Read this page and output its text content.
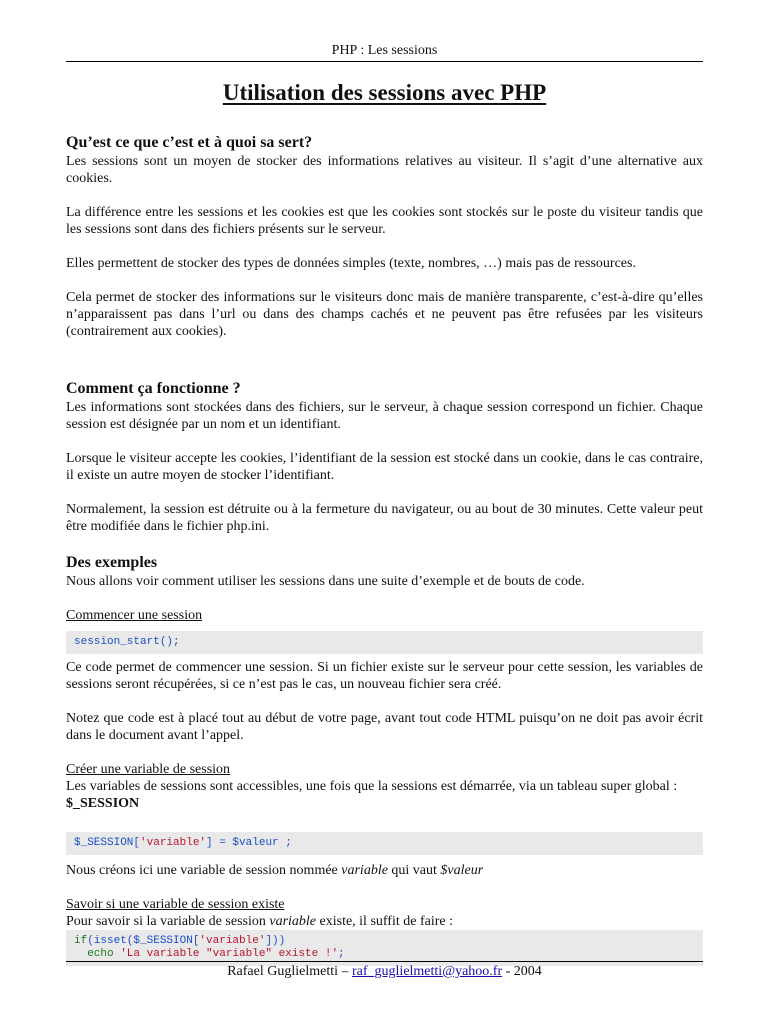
PHP : Les sessions
Utilisation des sessions avec PHP
Qu’est ce que c’est et à quoi sa sert?

Les sessions sont un moyen de stocker des informations relatives au visiteur. Il s’agit d’une alternative aux cookies.

La différence entre les sessions et les cookies est que les cookies sont stockés sur le poste du visiteur tandis que les sessions sont dans des fichiers présents sur le serveur.

Elles permettent de stocker des types de données simples (texte, nombres, …) mais pas de ressources.

Cela permet de stocker des informations sur le visiteurs donc mais de manière transparente, c’est-à-dire qu’elles n’apparaissent pas dans l’url ou dans des champs cachés et ne peuvent pas être refusées par les visiteurs (contrairement aux cookies).

Comment ça fonctionne ?

Les informations sont stockées dans des fichiers, sur le serveur, à chaque session correspond un fichier. Chaque session est désignée par un nom et un identifiant.

Lorsque le visiteur accepte les cookies, l’identifiant de la session est stocké dans un cookie, dans le cas contraire, il existe un autre moyen de stocker l’identifiant.

Normalement, la session est détruite ou à la fermeture du navigateur, ou au bout de 30 minutes. Cette valeur peut être modifiée dans le fichier php.ini.

Des exemples

Nous allons voir comment utiliser les sessions dans une suite d’exemple et de bouts de code.

Commencer une session

session_start();

Ce code permet de commencer une session. Si un fichier existe sur le serveur pour cette session, les variables de sessions seront récupérées, si ce n’est pas le cas, un nouveau fichier sera créé.

Notez que code est à placé tout au début de votre page, avant tout code HTML puisqu’on ne doit pas avoir écrit dans le document avant l’appel.

Créer une variable de session

Les variables de sessions sont accessibles, une fois que la sessions est démarrée, via un tableau super global :
$_SESSION

$_SESSION['variable'] = $valeur ;

Nous créons ici une variable de session nommée variable qui vaut $valeur

Savoir si une variable de session existe

Pour savoir si la variable de session variable existe, il suffit de faire :

if(isset($_SESSION['variable']))
echo 'La variable "variable" existe !';
Rafael Guglielmetti – raf_guglielmetti@yahoo.fr - 2004
